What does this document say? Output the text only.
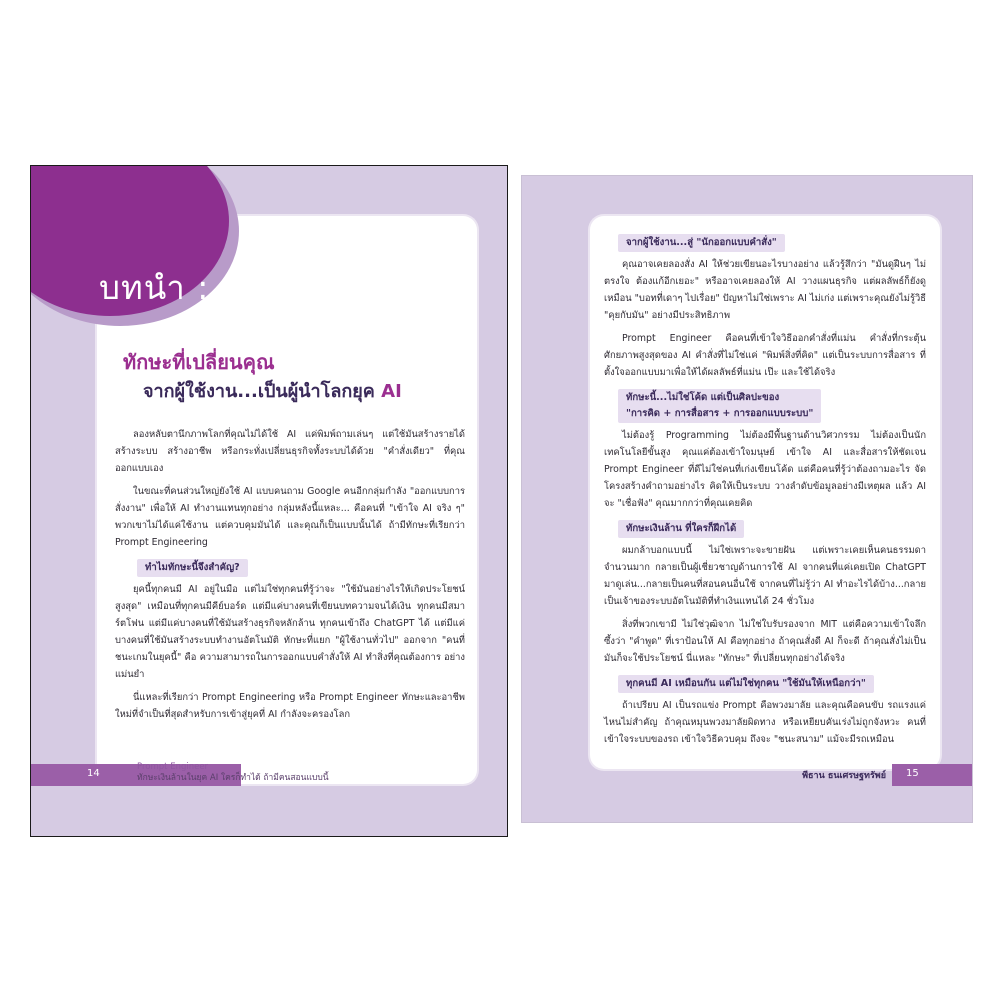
บทนำ :
ทักษะที่เปลี่ยนคุณ
จากผู้ใช้งาน...เป็นผู้นำโลกยุค AI

ลองหลับตานึกภาพโลกที่คุณไม่ได้ใช้ AI แค่พิมพ์ถามเล่นๆ แต่ใช้มันสร้างรายได้ สร้างระบบ สร้างอาชีพ หรือกระทั่งเปลี่ยนธุรกิจทั้งระบบได้ด้วย "คำสั่งเดียว" ที่คุณออกแบบเอง

ในขณะที่คนส่วนใหญ่ยังใช้ AI แบบคนถาม Google คนอีกกลุ่มกำลัง "ออกแบบการสั่งงาน" เพื่อให้ AI ทำงานแทนทุกอย่าง กลุ่มหลังนี้แหละ... คือคนที่ "เข้าใจ AI จริง ๆ" พวกเขาไม่ได้แค่ใช้งาน แต่ควบคุมมันได้ และคุณก็เป็นแบบนั้นได้ ถ้ามีทักษะที่เรียกว่า Prompt Engineering

ทำไมทักษะนี้จึงสำคัญ?

ยุคนี้ทุกคนมี AI อยู่ในมือ แต่ไม่ใช่ทุกคนที่รู้ว่าจะ "ใช้มันอย่างไรให้เกิดประโยชน์สูงสุด" เหมือนที่ทุกคนมีคีย์บอร์ด แต่มีแค่บางคนที่เขียนบทความจนได้เงิน ทุกคนมีสมาร์ตโฟน แต่มีแค่บางคนที่ใช้มันสร้างธุรกิจหลักล้าน ทุกคนเข้าถึง ChatGPT ได้ แต่มีแค่บางคนที่ใช้มันสร้างระบบทำงานอัตโนมัติ ทักษะที่แยก "ผู้ใช้งานทั่วไป" ออกจาก "คนที่ชนะเกมในยุคนี้" คือ ความสามารถในการออกแบบคำสั่งให้ AI ทำสิ่งที่คุณต้องการ อย่างแม่นยำ

นี่แหละที่เรียกว่า Prompt Engineering หรือ Prompt Engineer ทักษะและอาชีพใหม่ที่จำเป็นที่สุดสำหรับการเข้าสู่ยุคที่ AI กำลังจะครองโลก

14
Prompt Engineer
ทักษะเงินล้านในยุค AI ใครก็ทำได้ ถ้ามีคนสอนแบบนี้
จากผู้ใช้งาน...สู่ "นักออกแบบคำสั่ง"

คุณอาจเคยลองสั่ง AI ให้ช่วยเขียนอะไรบางอย่าง แล้วรู้สึกว่า "มันดูฝืนๆ ไม่ตรงใจ ต้องแก้อีกเยอะ" หรืออาจเคยลองให้ AI วางแผนธุรกิจ แต่ผลลัพธ์ก็ยังดูเหมือน "บอทที่เดาๆ ไปเรื่อย" ปัญหาไม่ใช่เพราะ AI ไม่เก่ง แต่เพราะคุณยังไม่รู้วิธี "คุยกับมัน" อย่างมีประสิทธิภาพ

Prompt Engineer คือคนที่เข้าใจวิธีออกคำสั่งที่แม่น คำสั่งที่กระตุ้นศักยภาพสูงสุดของ AI คำสั่งที่ไม่ใช่แค่ "พิมพ์สิ่งที่คิด" แต่เป็นระบบการสื่อสาร ที่ตั้งใจออกแบบมาเพื่อให้ได้ผลลัพธ์ที่แม่น เป๊ะ และใช้ได้จริง

ทักษะนี้...ไม่ใช่โค้ด แต่เป็นศิลปะของ
"การคิด + การสื่อสาร + การออกแบบระบบ"

ไม่ต้องรู้ Programming ไม่ต้องมีพื้นฐานด้านวิศวกรรม ไม่ต้องเป็นนักเทคโนโลยีขั้นสูง คุณแค่ต้องเข้าใจมนุษย์ เข้าใจ AI และสื่อสารให้ชัดเจน Prompt Engineer ที่ดีไม่ใช่คนที่เก่งเขียนโค้ด แต่คือคนที่รู้ว่าต้องถามอะไร จัดโครงสร้างคำถามอย่างไร คิดให้เป็นระบบ วางลำดับข้อมูลอย่างมีเหตุผล แล้ว AI จะ "เชื่อฟัง" คุณมากกว่าที่คุณเคยคิด

ทักษะเงินล้าน ที่ใครก็ฝึกได้

ผมกล้าบอกแบบนี้ ไม่ใช่เพราะจะขายฝัน แต่เพราะเคยเห็นคนธรรมดาจำนวนมาก กลายเป็นผู้เชี่ยวชาญด้านการใช้ AI จากคนที่แค่เคยเปิด ChatGPT มาดูเล่น...กลายเป็นคนที่สอนคนอื่นใช้ จากคนที่ไม่รู้ว่า AI ทำอะไรได้บ้าง...กลายเป็นเจ้าของระบบอัตโนมัติที่ทำเงินแทนได้ 24 ชั่วโมง

สิ่งที่พวกเขามี ไม่ใช่วุฒิจาก ไม่ใช่ใบรับรองจาก MIT แต่คือความเข้าใจลึกซึ้งว่า "คำพูด" ที่เราป้อนให้ AI คือทุกอย่าง ถ้าคุณสั่งดี AI ก็จะดี ถ้าคุณสั่งไม่เป็น มันก็จะใช้ประโยชน์ นี่แหละ "ทักษะ" ที่เปลี่ยนทุกอย่างได้จริง

ทุกคนมี AI เหมือนกัน แต่ไม่ใช่ทุกคน "ใช้มันให้เหนือกว่า"

ถ้าเปรียบ AI เป็นรถแข่ง Prompt คือพวงมาลัย และคุณคือคนขับ รถแรงแค่ไหนไม่สำคัญ ถ้าคุณหมุนพวงมาลัยผิดทาง หรือเหยียบคันเร่งไม่ถูกจังหวะ คนที่เข้าใจระบบของรถ เข้าใจวิธีควบคุม ถึงจะ "ชนะสนาม" แม้จะมีรถเหมือน

พีธาน ธนเศรษฐทรัพย์ 15
